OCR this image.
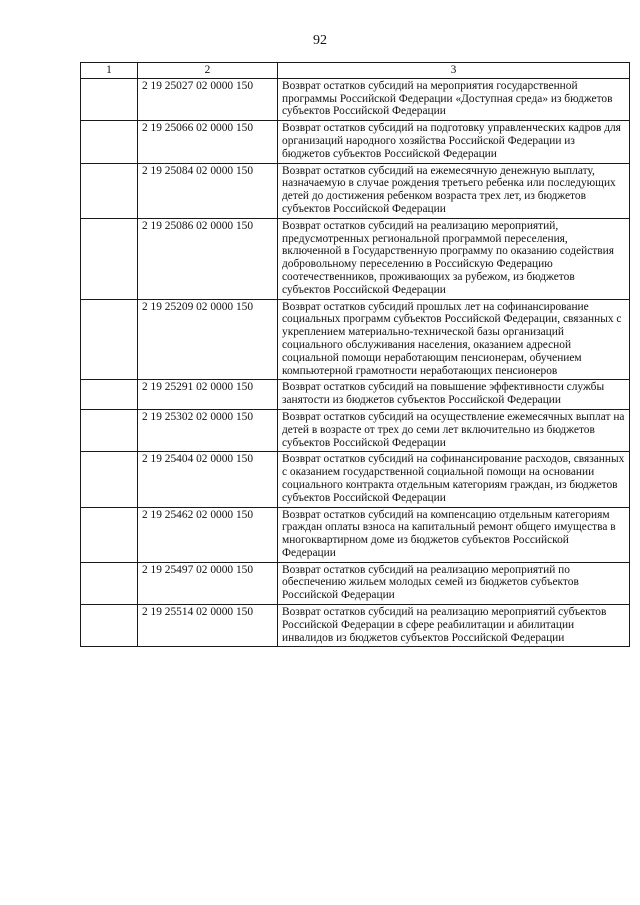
92
1	2	3
	2 19 25027 02 0000 150	Возврат остатков субсидий на мероприятия государственной программы Российской Федерации «Доступная среда» из бюджетов субъектов Российской Федерации
	2 19 25066 02 0000 150	Возврат остатков субсидий на подготовку управленческих кадров для организаций народного хозяйства Российской Федерации из бюджетов субъектов Российской Федерации
	2 19 25084 02 0000 150	Возврат остатков субсидий на ежемесячную денежную выплату, назначаемую в случае рождения третьего ребенка или последующих детей до достижения ребенком возраста трех лет, из бюджетов субъектов Российской Федерации
	2 19 25086 02 0000 150	Возврат остатков субсидий на реализацию мероприятий, предусмотренных региональной программой переселения, включенной в Государственную программу по оказанию содействия добровольному переселению в Российскую Федерацию соотечественников, проживающих за рубежом, из бюджетов субъектов Российской Федерации
	2 19 25209 02 0000 150	Возврат остатков субсидий прошлых лет на софинансирование социальных программ субъектов Российской Федерации, связанных с укреплением материально-технической базы организаций социального обслуживания населения, оказанием адресной социальной помощи неработающим пенсионерам, обучением компьютерной грамотности неработающих пенсионеров
	2 19 25291 02 0000 150	Возврат остатков субсидий на повышение эффективности службы занятости из бюджетов субъектов Российской Федерации
	2 19 25302 02 0000 150	Возврат остатков субсидий на осуществление ежемесячных выплат на детей в возрасте от трех до семи лет включительно из бюджетов субъектов Российской Федерации
	2 19 25404 02 0000 150	Возврат остатков субсидий на софинансирование расходов, связанных с оказанием государственной социальной помощи на основании социального контракта отдельным категориям граждан, из бюджетов субъектов Российской Федерации
	2 19 25462 02 0000 150	Возврат остатков субсидий на компенсацию отдельным категориям граждан оплаты взноса на капитальный ремонт общего имущества в многоквартирном доме из бюджетов субъектов Российской Федерации
	2 19 25497 02 0000 150	Возврат остатков субсидий на реализацию мероприятий по обеспечению жильем молодых семей из бюджетов субъектов Российской Федерации
	2 19 25514 02 0000 150	Возврат остатков субсидий на реализацию мероприятий субъектов Российской Федерации в сфере реабилитации и абилитации инвалидов из бюджетов субъектов Российской Федерации
